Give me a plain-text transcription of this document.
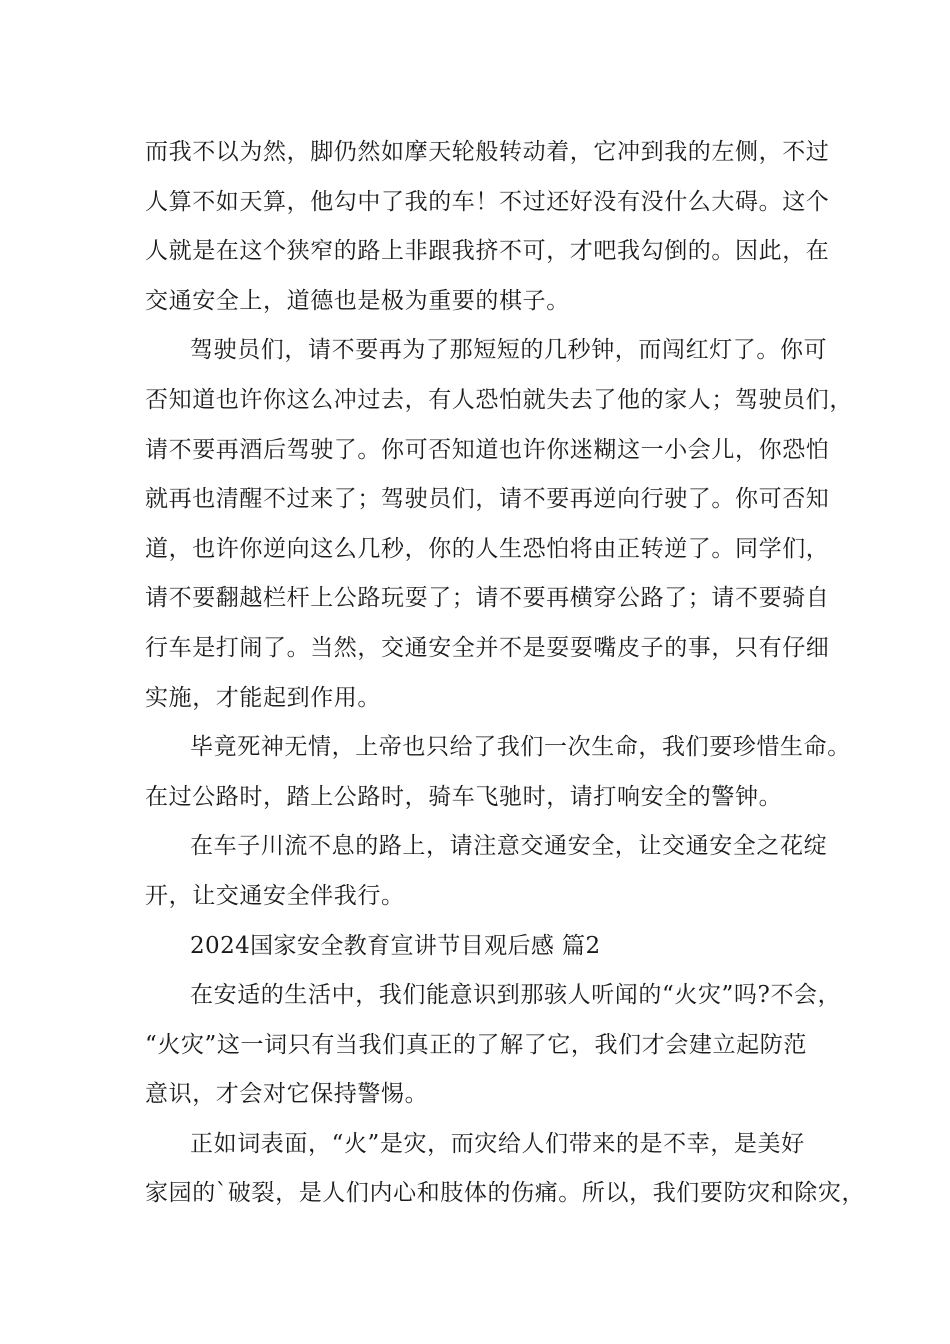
而我不以为然，脚仍然如摩天轮般转动着，它冲到我的左侧，不过
人算不如天算，他勾中了我的车！不过还好没有没什么大碍。这个
人就是在这个狭窄的路上非跟我挤不可，才吧我勾倒的。因此，在
交通安全上，道德也是极为重要的棋子。
驾驶员们，请不要再为了那短短的几秒钟，而闯红灯了。你可
否知道也许你这么冲过去，有人恐怕就失去了他的家人；驾驶员们，
请不要再酒后驾驶了。你可否知道也许你迷糊这一小会儿，你恐怕
就再也清醒不过来了；驾驶员们，请不要再逆向行驶了。你可否知
道，也许你逆向这么几秒，你的人生恐怕将由正转逆了。同学们，
请不要翻越栏杆上公路玩耍了；请不要再横穿公路了；请不要骑自
行车是打闹了。当然，交通安全并不是耍耍嘴皮子的事，只有仔细
实施，才能起到作用。
毕竟死神无情，上帝也只给了我们一次生命，我们要珍惜生命。
在过公路时，踏上公路时，骑车飞驰时，请打响安全的警钟。
在车子川流不息的路上，请注意交通安全，让交通安全之花绽
开，让交通安全伴我行。
2024国家安全教育宣讲节目观后感 篇2
在安适的生活中，我们能意识到那骇人听闻的“火灾”吗?不会，
“火灾”这一词只有当我们真正的了解了它，我们才会建立起防范
意识，才会对它保持警惕。
正如词表面，“火”是灾，而灾给人们带来的是不幸，是美好
家园的`破裂，是人们内心和肢体的伤痛。所以，我们要防灾和除灾，
